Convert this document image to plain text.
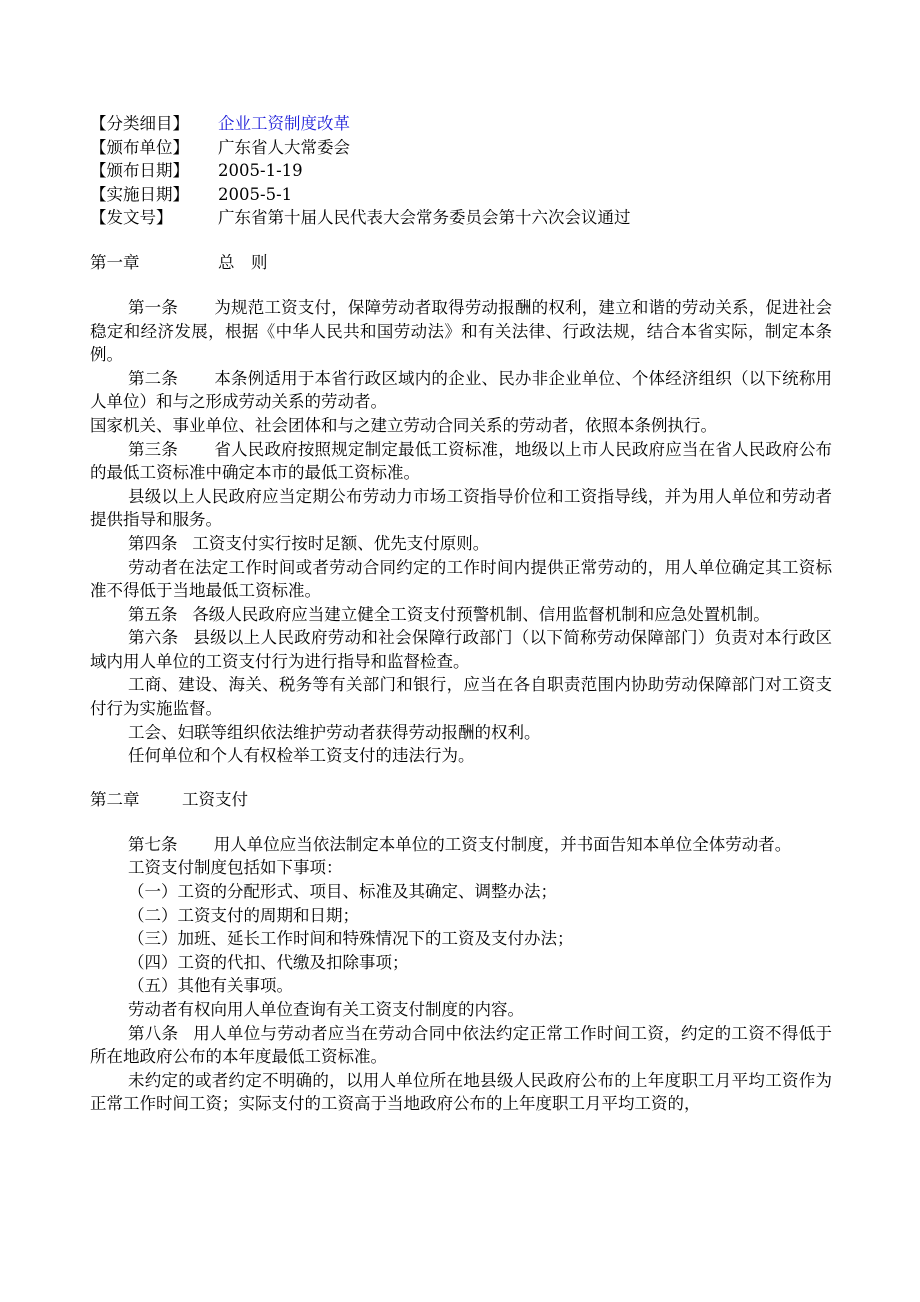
【分类细目】	企业工资制度改革
【颁布单位】	广东省人大常委会
【颁布日期】	2005-1-19
【实施日期】	2005-5-1
【发文号】	广东省第十届人民代表大会常务委员会第十六次会议通过
第一章	总则

第一条 为规范工资支付，保障劳动者取得劳动报酬的权利，建立和谐的劳动关系，促进社会稳定和经济发展，根据《中华人民共和国劳动法》和有关法律、行政法规，结合本省实际，制定本条例。

第二条 本条例适用于本省行政区域内的企业、民办非企业单位、个体经济组织（以下统称用人单位）和与之形成劳动关系的劳动者。

国家机关、事业单位、社会团体和与之建立劳动合同关系的劳动者，依照本条例执行。

第三条 省人民政府按照规定制定最低工资标准，地级以上市人民政府应当在省人民政府公布的最低工资标准中确定本市的最低工资标准。

县级以上人民政府应当定期公布劳动力市场工资指导价位和工资指导线，并为用人单位和劳动者提供指导和服务。

第四条 工资支付实行按时足额、优先支付原则。

劳动者在法定工作时间或者劳动合同约定的工作时间内提供正常劳动的，用人单位确定其工资标准不得低于当地最低工资标准。

第五条 各级人民政府应当建立健全工资支付预警机制、信用监督机制和应急处置机制。

第六条 县级以上人民政府劳动和社会保障行政部门（以下简称劳动保障部门）负责对本行政区域内用人单位的工资支付行为进行指导和监督检查。

工商、建设、海关、税务等有关部门和银行，应当在各自职责范围内协助劳动保障部门对工资支付行为实施监督。

工会、妇联等组织依法维护劳动者获得劳动报酬的权利。

任何单位和个人有权检举工资支付的违法行为。

第二章	工资支付

第七条 用人单位应当依法制定本单位的工资支付制度，并书面告知本单位全体劳动者。

工资支付制度包括如下事项：

（一）工资的分配形式、项目、标准及其确定、调整办法；

（二）工资支付的周期和日期；

（三）加班、延长工作时间和特殊情况下的工资及支付办法；

（四）工资的代扣、代缴及扣除事项；

（五）其他有关事项。

劳动者有权向用人单位查询有关工资支付制度的内容。

第八条 用人单位与劳动者应当在劳动合同中依法约定正常工作时间工资，约定的工资不得低于所在地政府公布的本年度最低工资标准。

未约定的或者约定不明确的，以用人单位所在地县级人民政府公布的上年度职工月平均工资作为正常工作时间工资；实际支付的工资高于当地政府公布的上年度职工月平均工资的，
